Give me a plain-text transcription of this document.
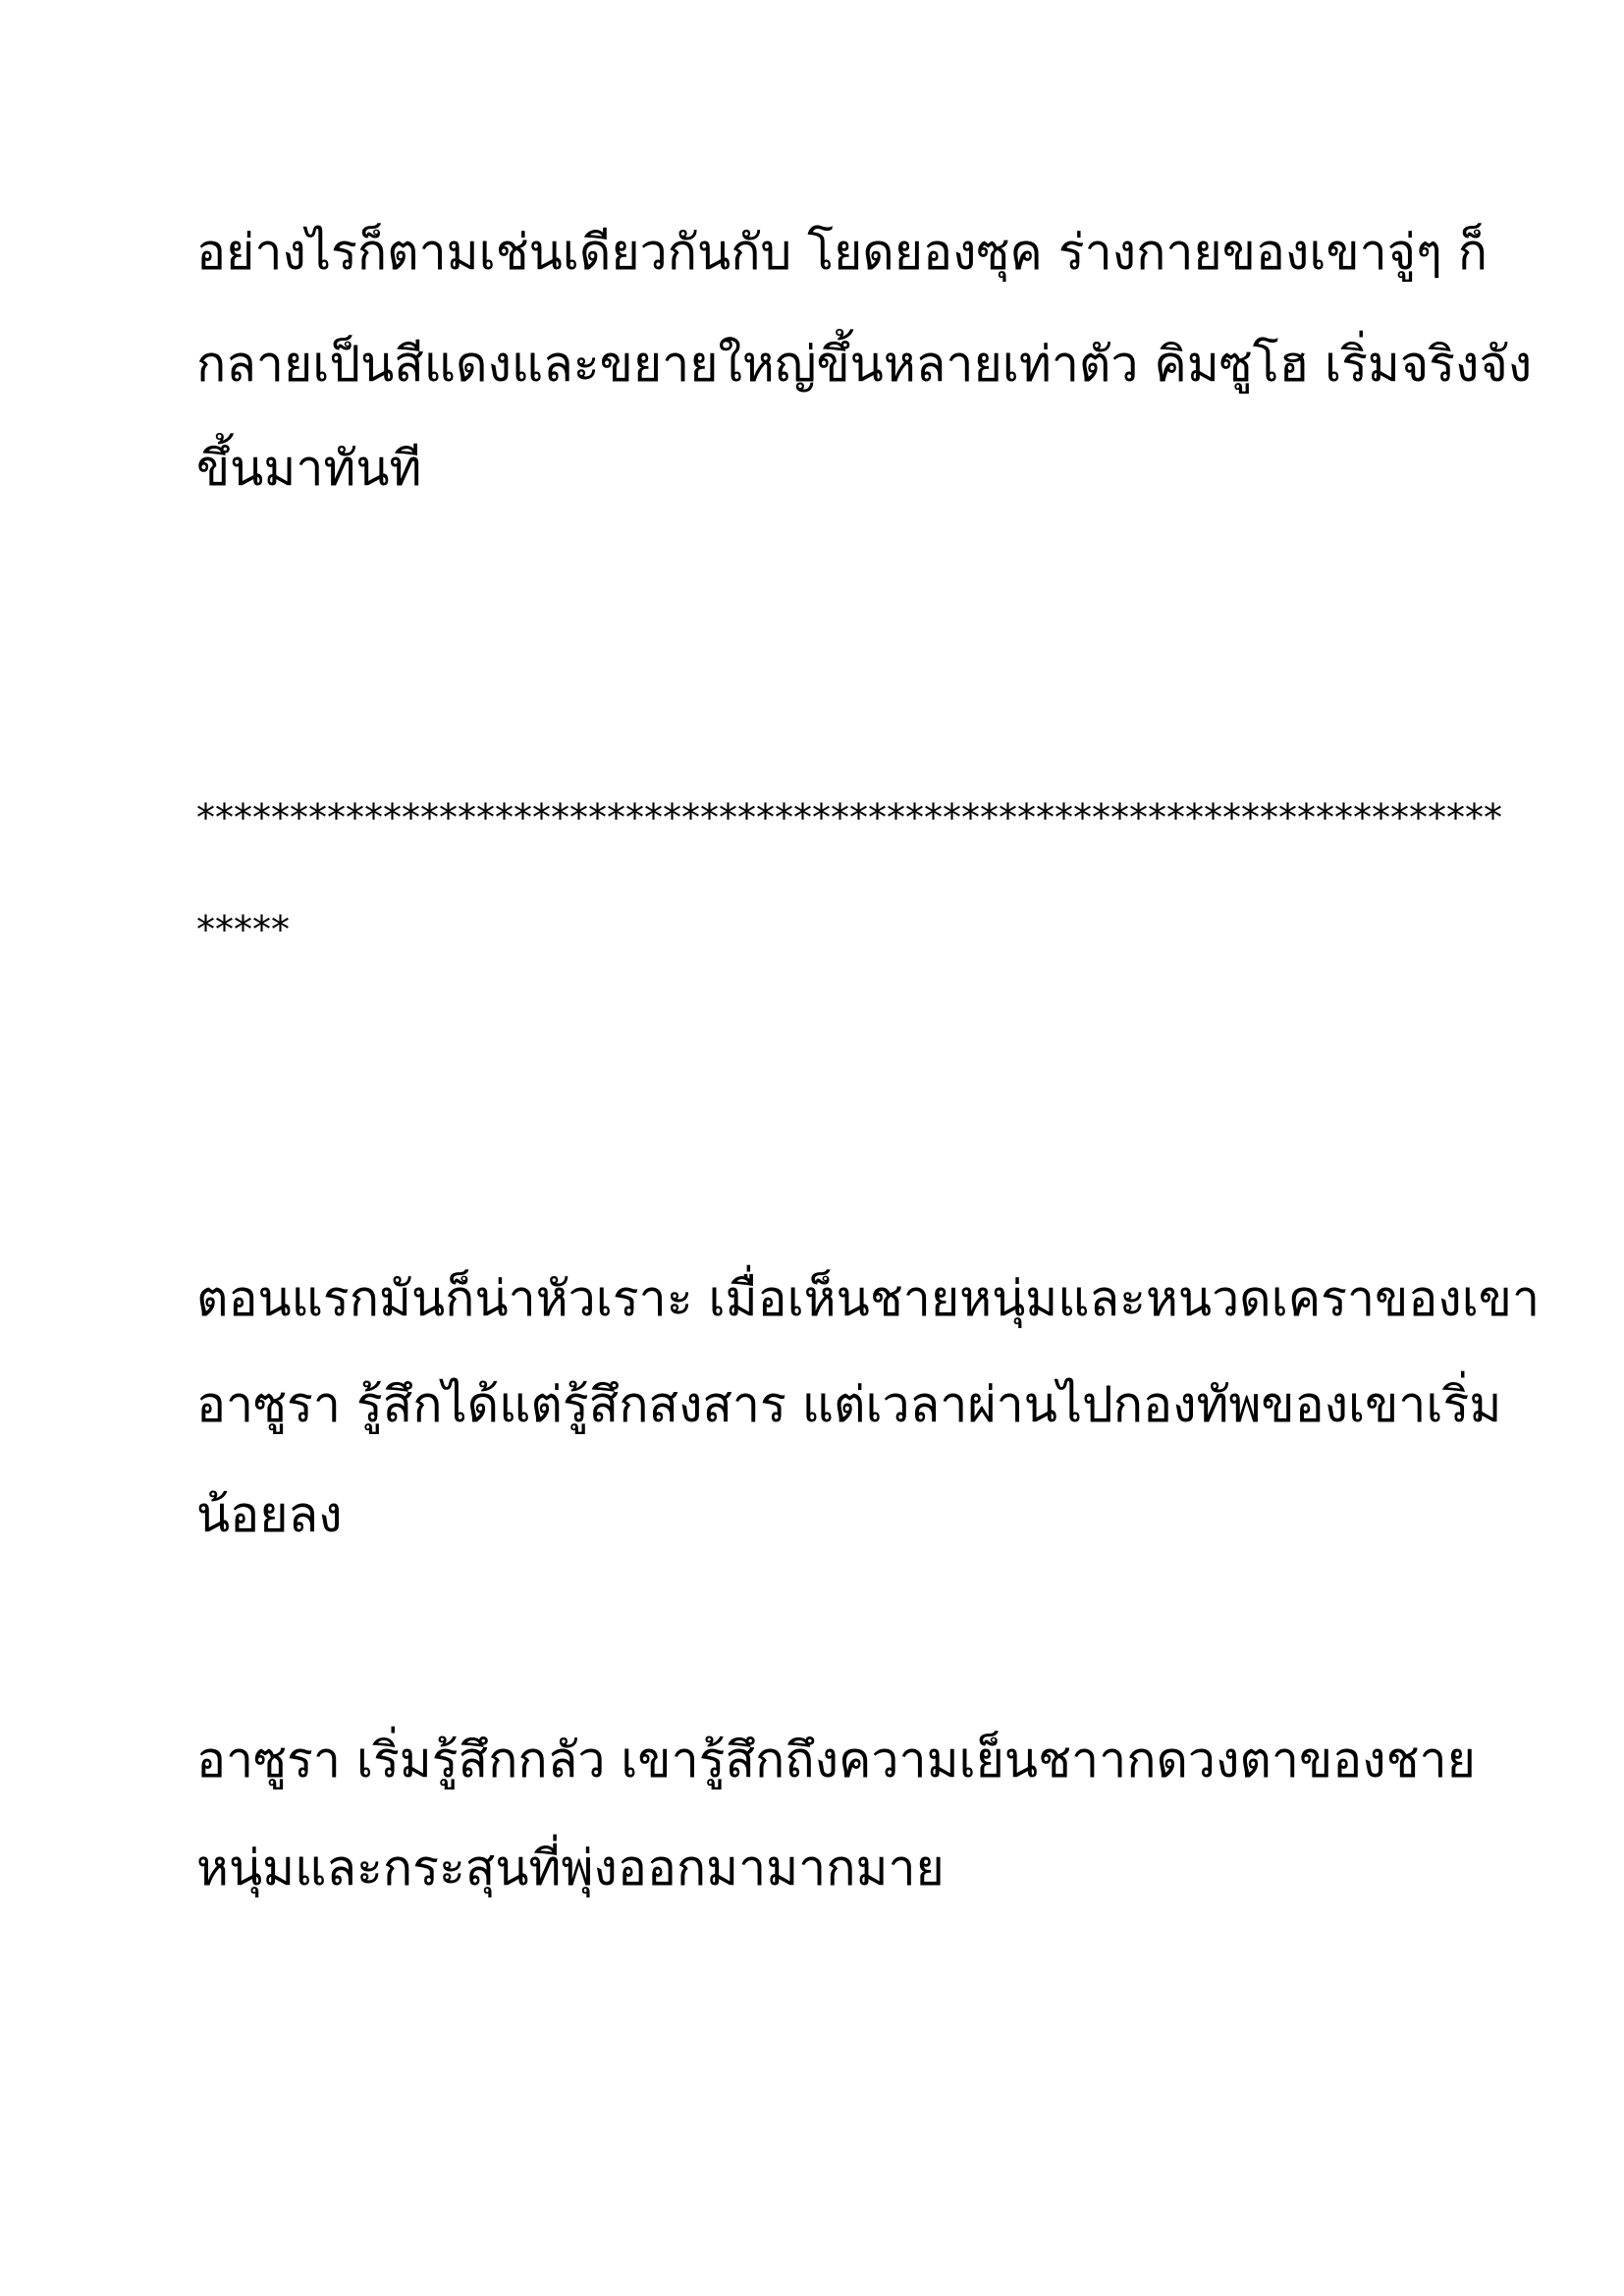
อย่างไรก็ตามเช่นเดียวกันกับ โยดยองซุค ร่างกายของเขาจู่ๆ ก็

กลายเป็นสีแดงและขยายใหญ่ขึ้นหลายเท่าตัว คิมซูโฮ เริ่มจริงจัง

ขึ้นมาทันที

**********************************************************************

*****

ตอนแรกมันก็น่าหัวเราะ เมื่อเห็นชายหนุ่มและหนวดเคราของเขา

อาซูรา รู้สึกได้แต่รู้สึกสงสาร แต่เวลาผ่านไปกองทัพของเขาเริ่ม

น้อยลง

อาซูรา เริ่มรู้สึกกลัว เขารู้สึกถึงความเย็นชาากดวงตาของชาย

หนุ่มและกระสุนที่พุ่งออกมามากมาย
